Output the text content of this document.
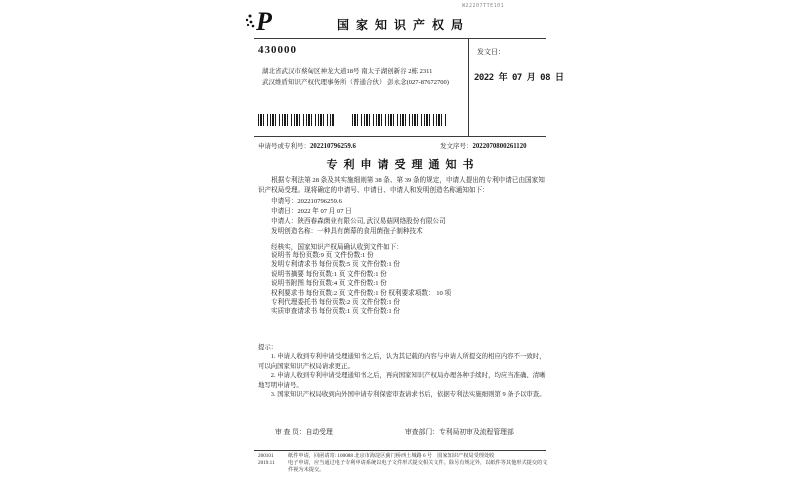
P	国家知识产权局
W22207TTE101
430000
湖北省武汉市蔡甸区神龙大道18号 南太子湖创新谷 2栋 2311
武汉维盾知识产权代理事务所（普通合伙） 彭永念(027-87672700)
发文日：
2022 年 07 月 08 日
申请号或专利号：202210796259.6	发文序号：2022070800261120
专利申请受理通知书
根据专利法第 28 条及其实施细则第 38 条、第 39 条的规定，申请人提出的专利申请已由国家知识产权局受理。现将确定的申请号、申请日、申请人和发明创造名称通知如下：
申请号：202210796259.6
申请日：2022 年 07 月 07 日
申请人：陕西春森菌业有限公司, 武汉易菇网络股份有限公司
发明创造名称：一种具有菌幕的食用菌孢子制种技术
经核实，国家知识产权局确认收到文件如下：
说明书 每份页数:9 页 文件份数:1 份
发明专利请求书 每份页数:5 页 文件份数:1 份
说明书摘要 每份页数:1 页 文件份数:1 份
说明书附图 每份页数:4 页 文件份数:1 份
权利要求书 每份页数:2 页 文件份数:1 份 权利要求项数： 10 项
专利代理委托书 每份页数:2 页 文件份数:1 份
实质审查请求书 每份页数:1 页 文件份数:1 份
提示：
1. 申请人收到专利申请受理通知书之后，认为其记载的内容与申请人所提交的相应内容不一致时，可以向国家知识产权局请求更正。
2. 申请人收到专利申请受理通知书之后，再向国家知识产权局办理各种手续时，均应当准确、清晰地写明申请号。
3. 国家知识产权局收到向外国申请专利保密审查请求书后，依据专利法实施细则第 9 条予以审查。
审 查 员：自动受理	审查部门：专利局初审及流程管理部
200101
2019.11
纸件申请，回函请寄: 100088 北京市海淀区蓟门桥西土城路 6 号　国家知识产权局受理处收
电子申请，应当通过电子专利申请系统以电子文件形式提交相关文件。除另有规定外，以纸件等其他形式提交的文件视为未提交。
